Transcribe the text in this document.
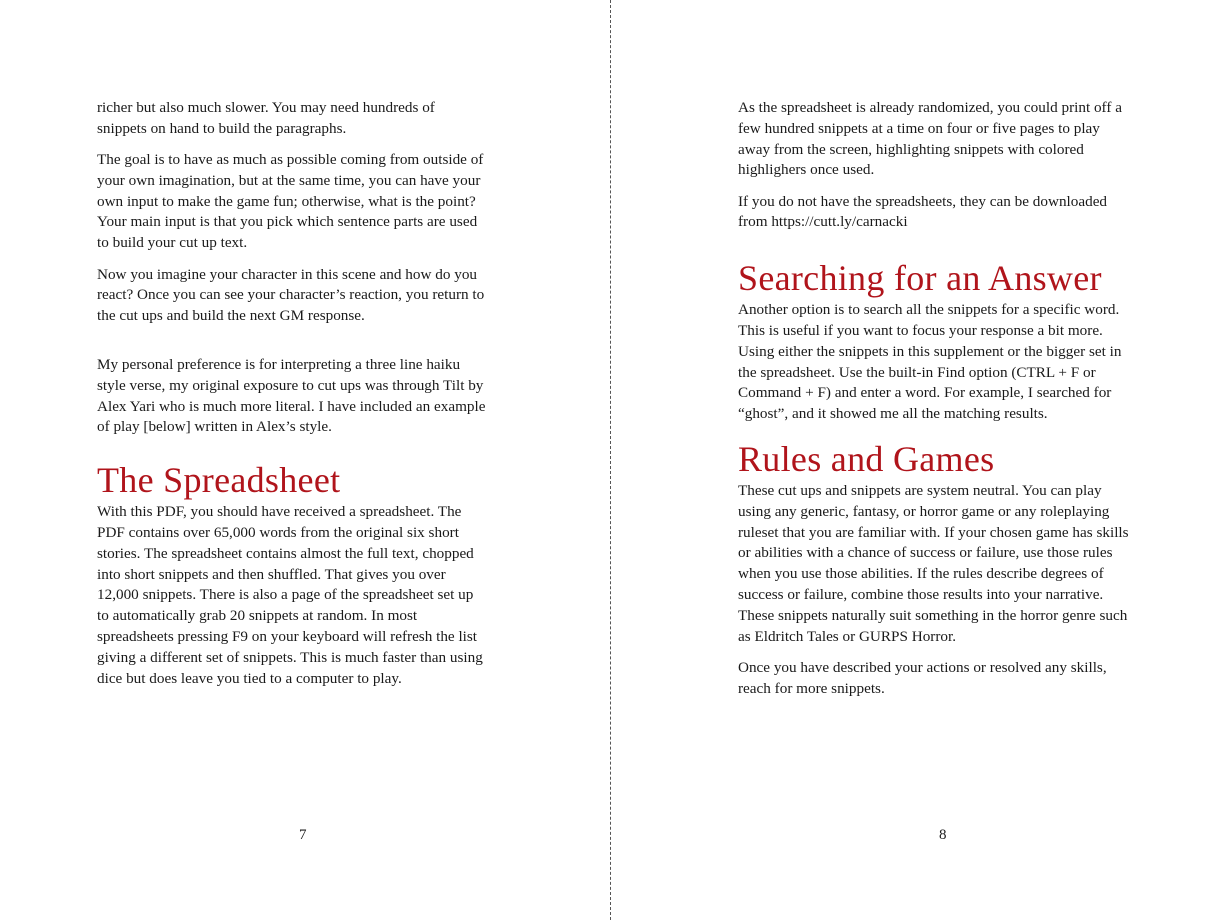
richer but also much slower. You may need hundreds of snippets on hand to build the paragraphs.

The goal is to have as much as possible coming from outside of your own imagination, but at the same time, you can have your own input to make the game fun; otherwise, what is the point? Your main input is that you pick which sentence parts are used to build your cut up text.

Now you imagine your character in this scene and how do you react? Once you can see your character’s reaction, you return to the cut ups and build the next GM response.

My personal preference is for interpreting a three line haiku style verse, my original exposure to cut ups was through Tilt by Alex Yari who is much more literal. I have included an example of play [below] written in Alex’s style.

The Spreadsheet

With this PDF, you should have received a spreadsheet. The PDF contains over 65,000 words from the original six short stories. The spreadsheet contains almost the full text, chopped into short snippets and then shuffled. That gives you over 12,000 snippets. There is also a page of the spreadsheet set up to automatically grab 20 snippets at random. In most spreadsheets pressing F9 on your keyboard will refresh the list giving a different set of snippets. This is much faster than using dice but does leave you tied to a computer to play.

7

As the spreadsheet is already randomized, you could print off a few hundred snippets at a time on four or five pages to play away from the screen, highlighting snippets with colored highlighers once used.

If you do not have the spreadsheets, they can be downloaded from https://cutt.ly/carnacki

Searching for an Answer

Another option is to search all the snippets for a specific word. This is useful if you want to focus your response a bit more. Using either the snippets in this supplement or the bigger set in the spreadsheet. Use the built-in Find option (CTRL + F or Command + F) and enter a word. For example, I searched for “ghost”, and it showed me all the matching results.

Rules and Games

These cut ups and snippets are system neutral. You can play using any generic, fantasy, or horror game or any roleplaying ruleset that you are familiar with. If your chosen game has skills or abilities with a chance of success or failure, use those rules when you use those abilities. If the rules describe degrees of success or failure, combine those results into your narrative. These snippets naturally suit something in the horror genre such as Eldritch Tales or GURPS Horror.

Once you have described your actions or resolved any skills, reach for more snippets.

8
